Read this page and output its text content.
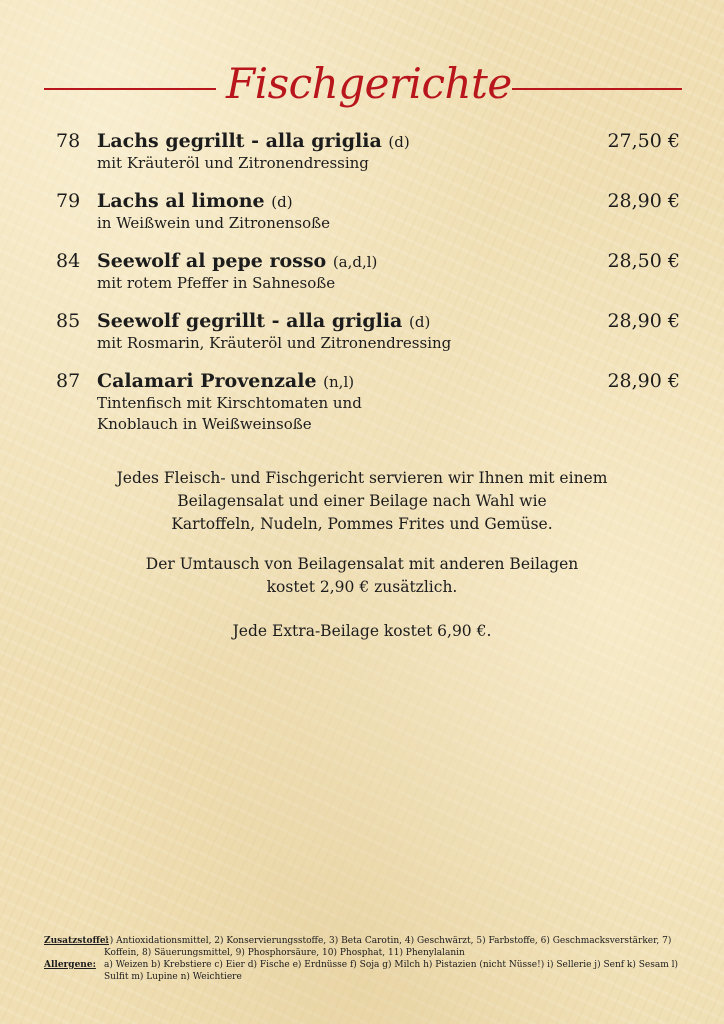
Fischgerichte
78 Lachs gegrillt - alla griglia (d)	27,50 €
mit Kräuteröl und Zitronendressing
79 Lachs al limone (d)	28,90 €
in Weißwein und Zitronensoße
84 Seewolf al pepe rosso (a,d,l)	28,50 €
mit rotem Pfeffer in Sahnesoße
85 Seewolf gegrillt - alla griglia (d)	28,90 €
mit Rosmarin, Kräuteröl und Zitronendressing
87 Calamari Provenzale (n,l)	28,90 €
Tintenfisch mit Kirschtomaten und
Knoblauch in Weißweinsoße
Jedes Fleisch- und Fischgericht servieren wir Ihnen mit einem
Beilagensalat und einer Beilage nach Wahl wie
Kartoffeln, Nudeln, Pommes Frites und Gemüse.
Der Umtausch von Beilagensalat mit anderen Beilagen
kostet 2,90 € zusätzlich.
Jede Extra-Beilage kostet 6,90 €.
Zusatzstoffe:
1) Antioxidationsmittel, 2) Konservierungsstoffe, 3) Beta Carotin, 4) Geschwärzt, 5) Farbstoffe, 6) Geschmacksverstärker, 7) Koffein, 8) Säuerungsmittel, 9) Phosphorsäure, 10) Phosphat, 11) Phenylalanin
Allergene: a) Weizen b) Krebstiere c) Eier d) Fische e) Erdnüsse f) Soja g) Milch h) Pistazien (nicht Nüsse!) i) Sellerie j) Senf k) Sesam l) Sulfit m) Lupine n) Weichtiere
